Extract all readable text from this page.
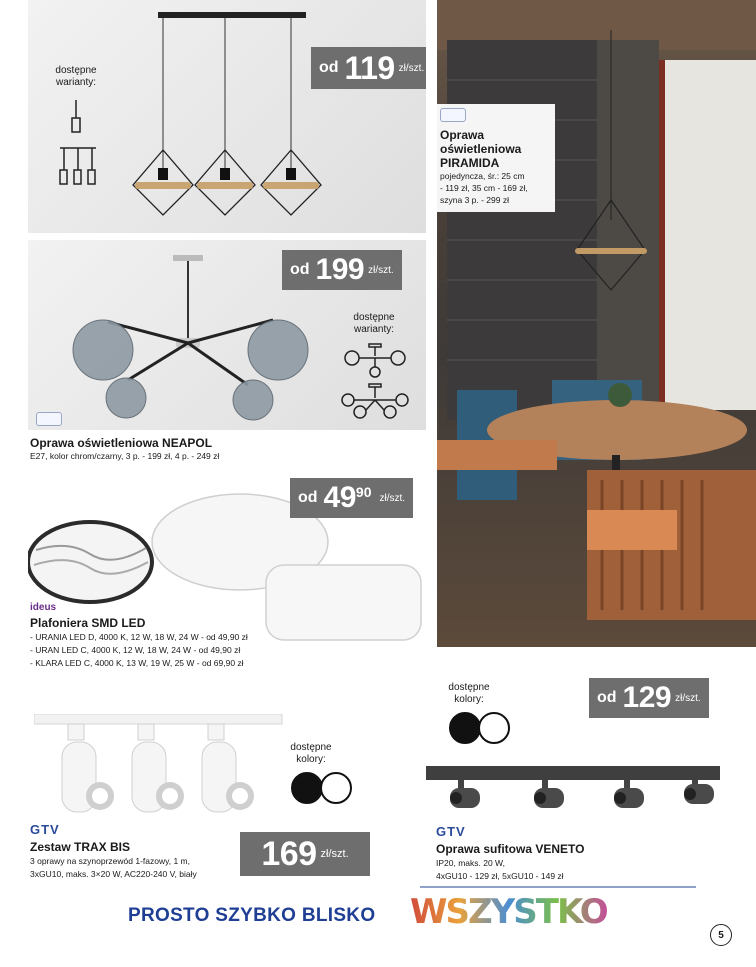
dostępne warianty:
od 119 zł/szt.
Oprawa oświetleniowa PIRAMIDA
pojedyncza, śr.: 25 cm
- 119 zł, 35 cm - 169 zł,
szyna 3 p. - 299 zł
dostępne warianty:
od 199 zł/szt.
Oprawa oświetleniowa NEAPOL
E27, kolor chrom/czarny, 3 p. - 199 zł, 4 p. - 249 zł
od 49 90 zł/szt.
ideus
Plafoniera SMD LED
- URANIA LED D, 4000 K, 12 W, 18 W, 24 W - od 49,90 zł
- URAN LED C, 4000 K, 12 W, 18 W, 24 W - od 49,90 zł
- KLARA LED C, 4000 K, 13 W, 19 W, 25 W - od 69,90 zł
dostępne kolory:
GTV
Zestaw TRAX BIS
3 oprawy na szynoprzewód 1-fazowy, 1 m,
3xGU10, maks. 3×20 W, AC220-240 V, biały
169 zł/szt.
dostępne kolory:	od 129 zł/szt.
GTV
Oprawa sufitowa VENETO
IP20, maks. 20 W,
4xGU10 - 129 zł, 5xGU10 - 149 zł
PROSTO SZYBKO BLISKO WSZYSTKO
5
